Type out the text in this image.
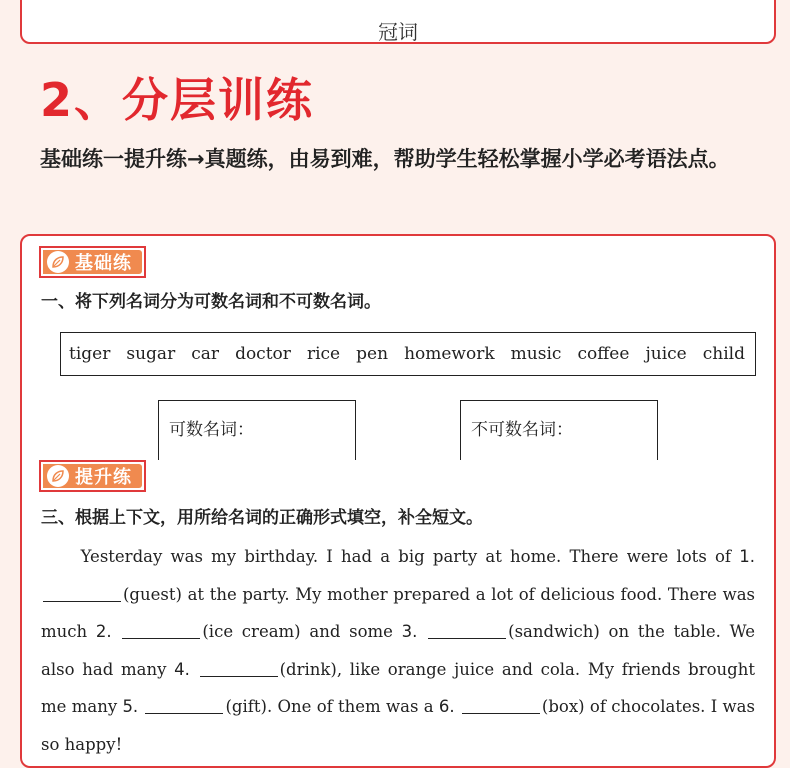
冠词
2、分层训练

基础练一提升练→真题练，由易到难，帮助学生轻松掌握小学必考语法点。

基础练

一、将下列名词分为可数名词和不可数名词。

tiger sugar car doctor rice pen homework music coffee juice child
可数名词：	不可数名词：
提升练

三、根据上下文，用所给名词的正确形式填空，补全短文。

Yesterday was my birthday. I had a big party at home. There were lots of 1. (guest) at the party. My mother prepared a lot of delicious food. There was much 2.	(ice cream) and some 3.	(sandwich) on the table. We also had many 4.	(drink), like orange juice and cola. My friends brought me many 5.	(gift). One of them was a 6.	(box) of chocolates. I was so happy!
